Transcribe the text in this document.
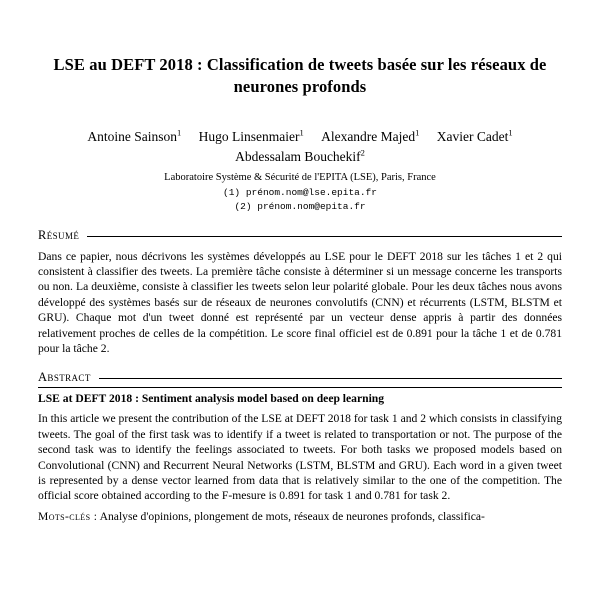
LSE au DEFT 2018 : Classification de tweets basée sur les réseaux de neurones profonds
Antoine Sainson$^1$ Hugo Linsenmaier$^1$ Alexandre Majed$^1$ Xavier Cadet$^1$
Abdessalam Bouchekif$^2$
Laboratoire Système & Sécurité de l'EPITA (LSE), Paris, France
(1) prénom.nom@lse.epita.fr
(2) prénom.nom@epita.fr
Résumé
Dans ce papier, nous décrivons les systèmes développés au LSE pour le DEFT 2018 sur les tâches 1 et 2 qui consistent à classifier des tweets. La première tâche consiste à déterminer si un message concerne les transports ou non. La deuxième, consiste à classifier les tweets selon leur polarité globale. Pour les deux tâches nous avons développé des systèmes basés sur de réseaux de neurones convolutifs (CNN) et récurrents (LSTM, BLSTM et GRU). Chaque mot d'un tweet donné est représenté par un vecteur dense appris à partir des données relativement proches de celles de la compétition. Le score final officiel est de 0.891 pour la tâche 1 et de 0.781 pour la tâche 2.
Abstract
LSE at DEFT 2018 : Sentiment analysis model based on deep learning
In this article we present the contribution of the LSE at DEFT 2018 for task 1 and 2 which consists in classifying tweets. The goal of the first task was to identify if a tweet is related to transportation or not. The purpose of the second task was to identify the feelings associated to tweets. For both tasks we proposed models based on Convolutional (CNN) and Recurrent Neural Networks (LSTM, BLSTM and GRU). Each word in a given tweet is represented by a dense vector learned from data that is relatively similar to the one of the competition. The official score obtained according to the F-mesure is 0.891 for task 1 and 0.781 for task 2.
Mots-clés : Analyse d'opinions, plongement de mots, réseaux de neurones profonds, classifica-
